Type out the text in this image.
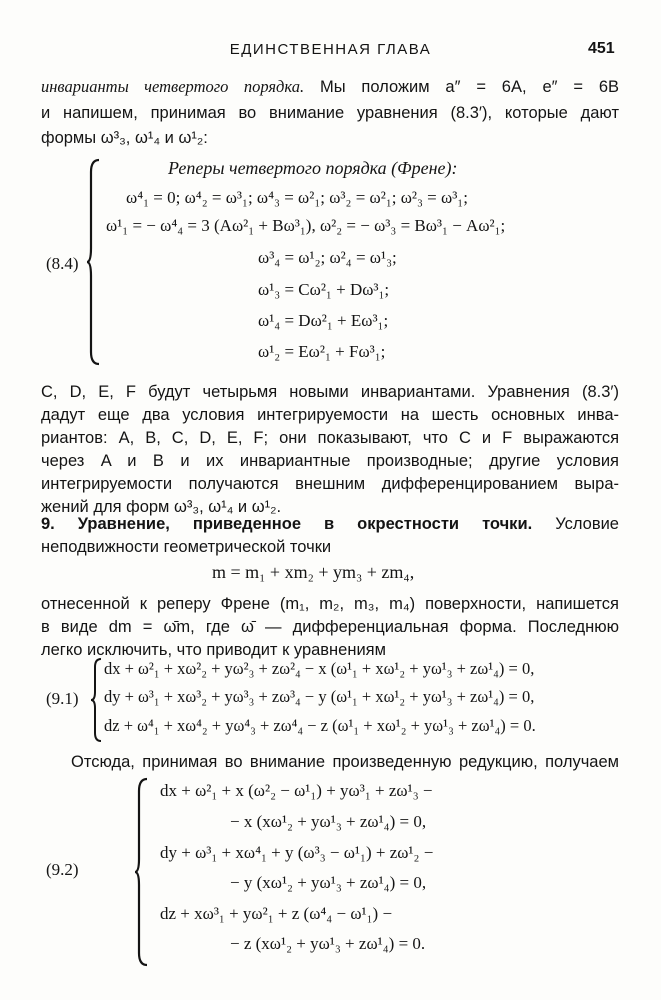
ЕДИНСТВЕННАЯ ГЛАВА	451
инварианты четвертого порядка. Мы положим a″ = 6A, e″ = 6B
и напишем, принимая во внимание уравнения (8.3′), которые дают
формы ω³₃, ω¹₄ и ω¹₂:
(8.4)
Реперы четвертого порядка (Френе):
ω⁴₁ = 0; ω⁴₂ = ω³₁; ω⁴₃ = ω²₁; ω³₂ = ω²₁; ω²₃ = ω³₁;
ω¹₁ = − ω⁴₄ = 3 (Aω²₁ + Bω³₁), ω²₂ = − ω³₃ = Bω³₁ − Aω²₁;
ω³₄ = ω¹₂; ω²₄ = ω¹₃;
ω¹₃ = Cω²₁ + Dω³₁;
ω¹₄ = Dω²₁ + Eω³₁;
ω¹₂ = Eω²₁ + Fω³₁;
C, D, E, F будут четырьмя новыми инвариантами. Уравнения (8.3′)
дадут еще два условия интегрируемости на шесть основных инва-
риантов: A, B, C, D, E, F; они показывают, что C и F выражаются
через A и B и их инвариантные производные; другие условия
интегрируемости получаются внешним дифференцированием выра-
жений для форм ω³₃, ω¹₄ и ω¹₂.
9. Уравнение, приведенное в окрестности точки. Условие
неподвижности геометрической точки
m = m₁ + xm₂ + ym₃ + zm₄,
отнесенной к реперу Френе (m₁, m₂, m₃, m₄) поверхности, напишется
в виде dm = ω̄m, где ω̄ — дифференциальная форма. Последнюю
легко исключить, что приводит к уравнениям
(9.1)
dx + ω²₁ + xω²₂ + yω²₃ + zω²₄ − x (ω¹₁ + xω¹₂ + yω¹₃ + zω¹₄) = 0,
dy + ω³₁ + xω³₂ + yω³₃ + zω³₄ − y (ω¹₁ + xω¹₂ + yω¹₃ + zω¹₄) = 0,
dz + ω⁴₁ + xω⁴₂ + yω⁴₃ + zω⁴₄ − z (ω¹₁ + xω¹₂ + yω¹₃ + zω¹₄) = 0.
Отсюда, принимая во внимание произведенную редукцию, получаем
(9.2)
dx + ω²₁ + x (ω²₂ − ω¹₁) + yω³₁ + zω¹₃ −
− x (xω¹₂ + yω¹₃ + zω¹₄) = 0,
dy + ω³₁ + xω⁴₁ + y (ω³₃ − ω¹₁) + zω¹₂ −
− y (xω¹₂ + yω¹₃ + zω¹₄) = 0,
dz + xω³₁ + yω²₁ + z (ω⁴₄ − ω¹₁) −
− z (xω¹₂ + yω¹₃ + zω¹₄) = 0.
